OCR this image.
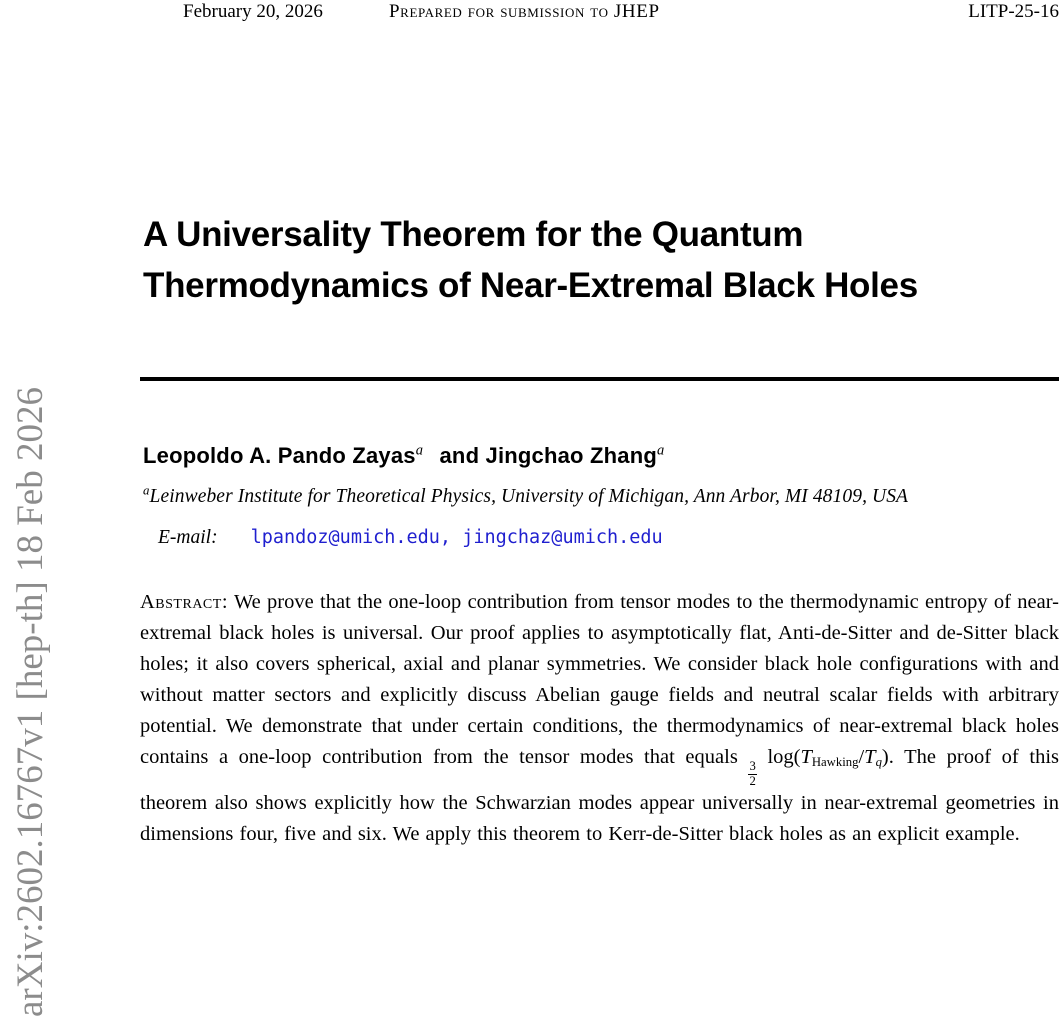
arXiv:2602.16767v1 [hep-th] 18 Feb 2026
February 20, 2026	Prepared for submission to JHEP	LITP-25-16
A Universality Theorem for the Quantum
Thermodynamics of Near-Extremal Black Holes
Leopoldo A. Pando Zayas$^a$ and Jingchao Zhang$^a$
$^a$Leinweber Institute for Theoretical Physics, University of Michigan, Ann Arbor, MI 48109, USA
E-mail: lpandoz@umich.edu, jingchaz@umich.edu

Abstract: We prove that the one-loop contribution from tensor modes to the thermodynamic entropy of near-extremal black holes is universal. Our proof applies to asymptotically flat, Anti-de-Sitter and de-Sitter black holes; it also covers spherical, axial and planar symmetries. We consider black hole configurations with and without matter sectors and explicitly discuss Abelian gauge fields and neutral scalar fields with arbitrary potential. We demonstrate that under certain conditions, the thermodynamics of near-extremal black holes contains a one-loop contribution from the tensor modes that equals
$\frac{3}{2}$
$\log(T_{Hawking}/T_q)$. The proof of this theorem also shows explicitly how the Schwarzian modes appear universally in near-extremal geometries in dimensions four, five and six. We apply this theorem to Kerr-de-Sitter black holes as an explicit example.
